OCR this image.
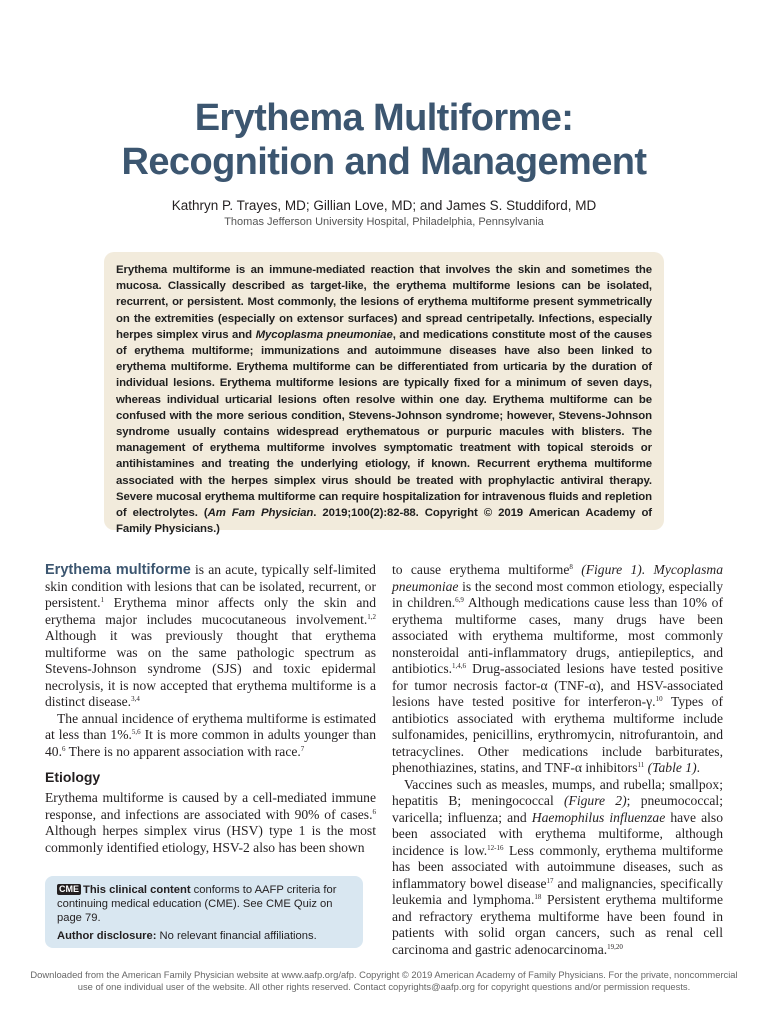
Erythema Multiforme:
Recognition and Management
Kathryn P. Trayes, MD; Gillian Love, MD; and James S. Studdiford, MD
Thomas Jefferson University Hospital, Philadelphia, Pennsylvania

Erythema multiforme is an immune-mediated reaction that involves the skin and sometimes the mucosa. Classically described as target-like, the erythema multiforme lesions can be isolated, recurrent, or persistent. Most commonly, the lesions of erythema multiforme present symmetrically on the extremities (especially on extensor surfaces) and spread centripetally. Infections, especially herpes simplex virus and Mycoplasma pneumoniae, and medications constitute most of the causes of erythema multiforme; immunizations and autoimmune diseases have also been linked to erythema multiforme. Erythema multiforme can be differentiated from urticaria by the duration of individual lesions. Erythema multiforme lesions are typically fixed for a minimum of seven days, whereas individual urticarial lesions often resolve within one day. Erythema multiforme can be confused with the more serious condition, Stevens-Johnson syndrome; however, Stevens-Johnson syndrome usually contains widespread erythematous or purpuric macules with blisters. The management of erythema multiforme involves symptomatic treatment with topical steroids or antihistamines and treating the underlying etiology, if known. Recurrent erythema multiforme associated with the herpes simplex virus should be treated with prophylactic antiviral therapy. Severe mucosal erythema multiforme can require hospitalization for intravenous fluids and repletion of electrolytes. (Am Fam Physician. 2019;100(2):82-88. Copyright © 2019 American Academy of Family Physicians.)

Erythema multiforme is an acute, typically self-limited skin condition with lesions that can be isolated, recurrent, or persistent.$^1$ Erythema minor affects only the skin and erythema major includes mucocutaneous involvement.$^{1,2}$ Although it was previously thought that erythema multiforme was on the same pathologic spectrum as Stevens-Johnson syndrome (SJS) and toxic epidermal necrolysis, it is now accepted that erythema multiforme is a distinct disease.$^{3,4}$

The annual incidence of erythema multiforme is estimated at less than 1%.$^{5,6}$ It is more common in adults younger than 40.$^6$ There is no apparent association with race.$^7$

Etiology

Erythema multiforme is caused by a cell-mediated immune response, and infections are associated with 90% of cases.$^6$ Although herpes simplex virus (HSV) type 1 is the most commonly identified etiology, HSV-2 also has been shown

to cause erythema multiforme$^8$ (Figure 1). Mycoplasma pneumoniae is the second most common etiology, especially in children.$^{6,9}$ Although medications cause less than 10% of erythema multiforme cases, many drugs have been associated with erythema multiforme, most commonly nonsteroidal anti-inflammatory drugs, antiepileptics, and antibiotics.$^{1,4,6}$ Drug-associated lesions have tested positive for tumor necrosis factor-α (TNF-α), and HSV-associated lesions have tested positive for interferon-γ.$^{10}$ Types of antibiotics associated with erythema multiforme include sulfonamides, penicillins, erythromycin, nitrofurantoin, and tetracyclines. Other medications include barbiturates, phenothiazines, statins, and TNF-α inhibitors$^{11}$ (Table 1).

Vaccines such as measles, mumps, and rubella; smallpox; hepatitis B; meningococcal (Figure 2); pneumococcal; varicella; influenza; and Haemophilus influenzae have also been associated with erythema multiforme, although incidence is low.$^{12-16}$ Less commonly, erythema multiforme has been associated with autoimmune diseases, such as inflammatory bowel disease$^{17}$ and malignancies, specifically leukemia and lymphoma.$^{18}$ Persistent erythema multiforme and refractory erythema multiforme have been found in patients with solid organ cancers, such as renal cell carcinoma and gastric adenocarcinoma.$^{19,20}$

CME This clinical content conforms to AAFP criteria for continuing medical education (CME). See CME Quiz on page 79.

Author disclosure: No relevant financial affiliations.

Downloaded from the American Family Physician website at www.aafp.org/afp. Copyright © 2019 American Academy of Family Physicians. For the private, noncommercial use of one individual user of the website. All other rights reserved. Contact copyrights@aafp.org for copyright questions and/or permission requests.
